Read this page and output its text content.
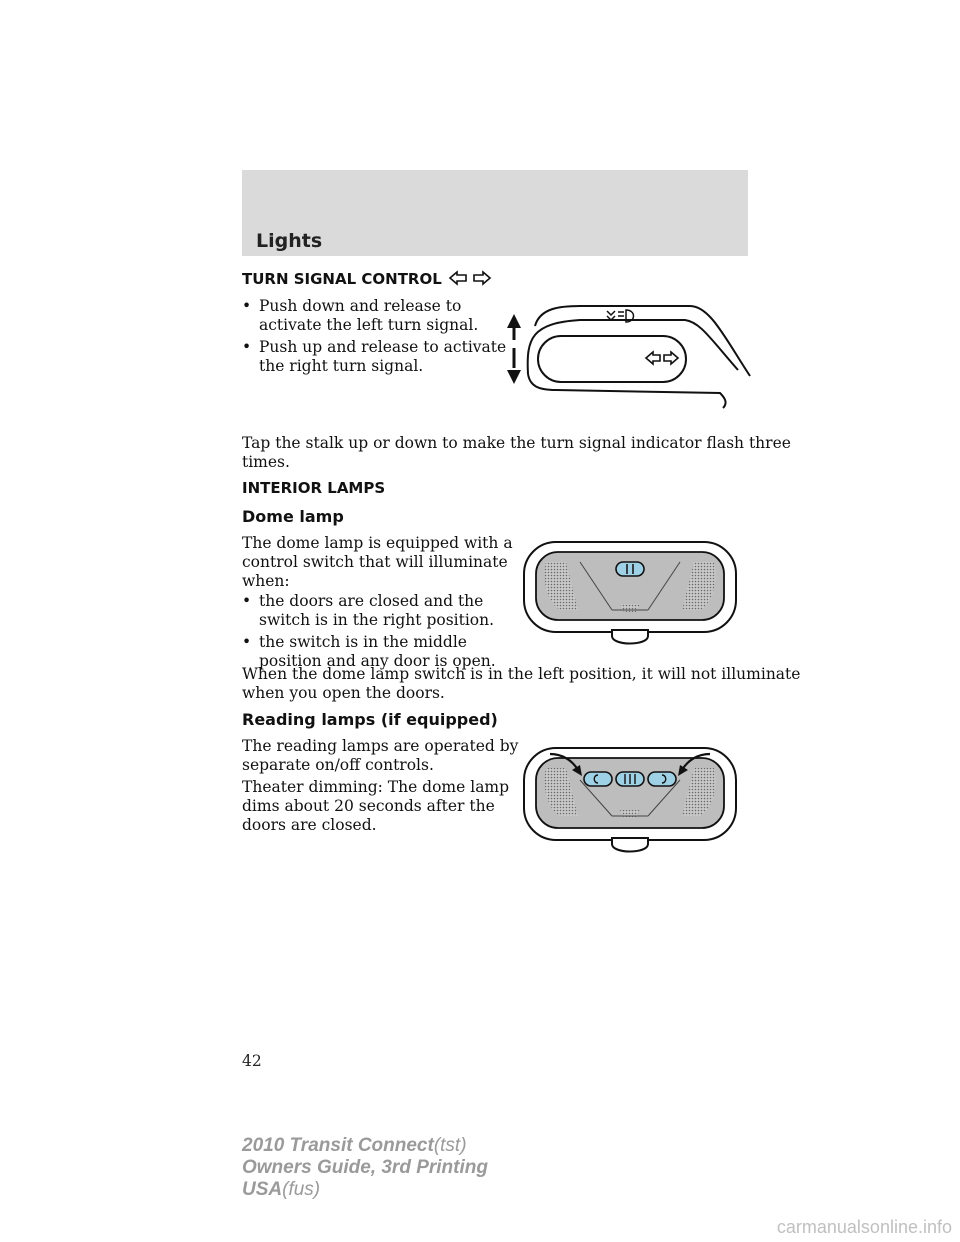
Lights
TURN SIGNAL CONTROL
• Push down and release to
activate the left turn signal.
• Push up and release to activate
the right turn signal.
Tap the stalk up or down to make the turn signal indicator flash three
times.
INTERIOR LAMPS
Dome lamp
The dome lamp is equipped with a
control switch that will illuminate
when:
• the doors are closed and the
switch is in the right position.
• the switch is in the middle
position and any door is open.
When the dome lamp switch is in the left position, it will not illuminate
when you open the doors.
Reading lamps (if equipped)
The reading lamps are operated by
separate on/off controls.
Theater dimming: The dome lamp
dims about 20 seconds after the
doors are closed.
42
2010 Transit Connect(tst)
Owners Guide, 3rd Printing
USA(fus)
carmanualsonline.info
